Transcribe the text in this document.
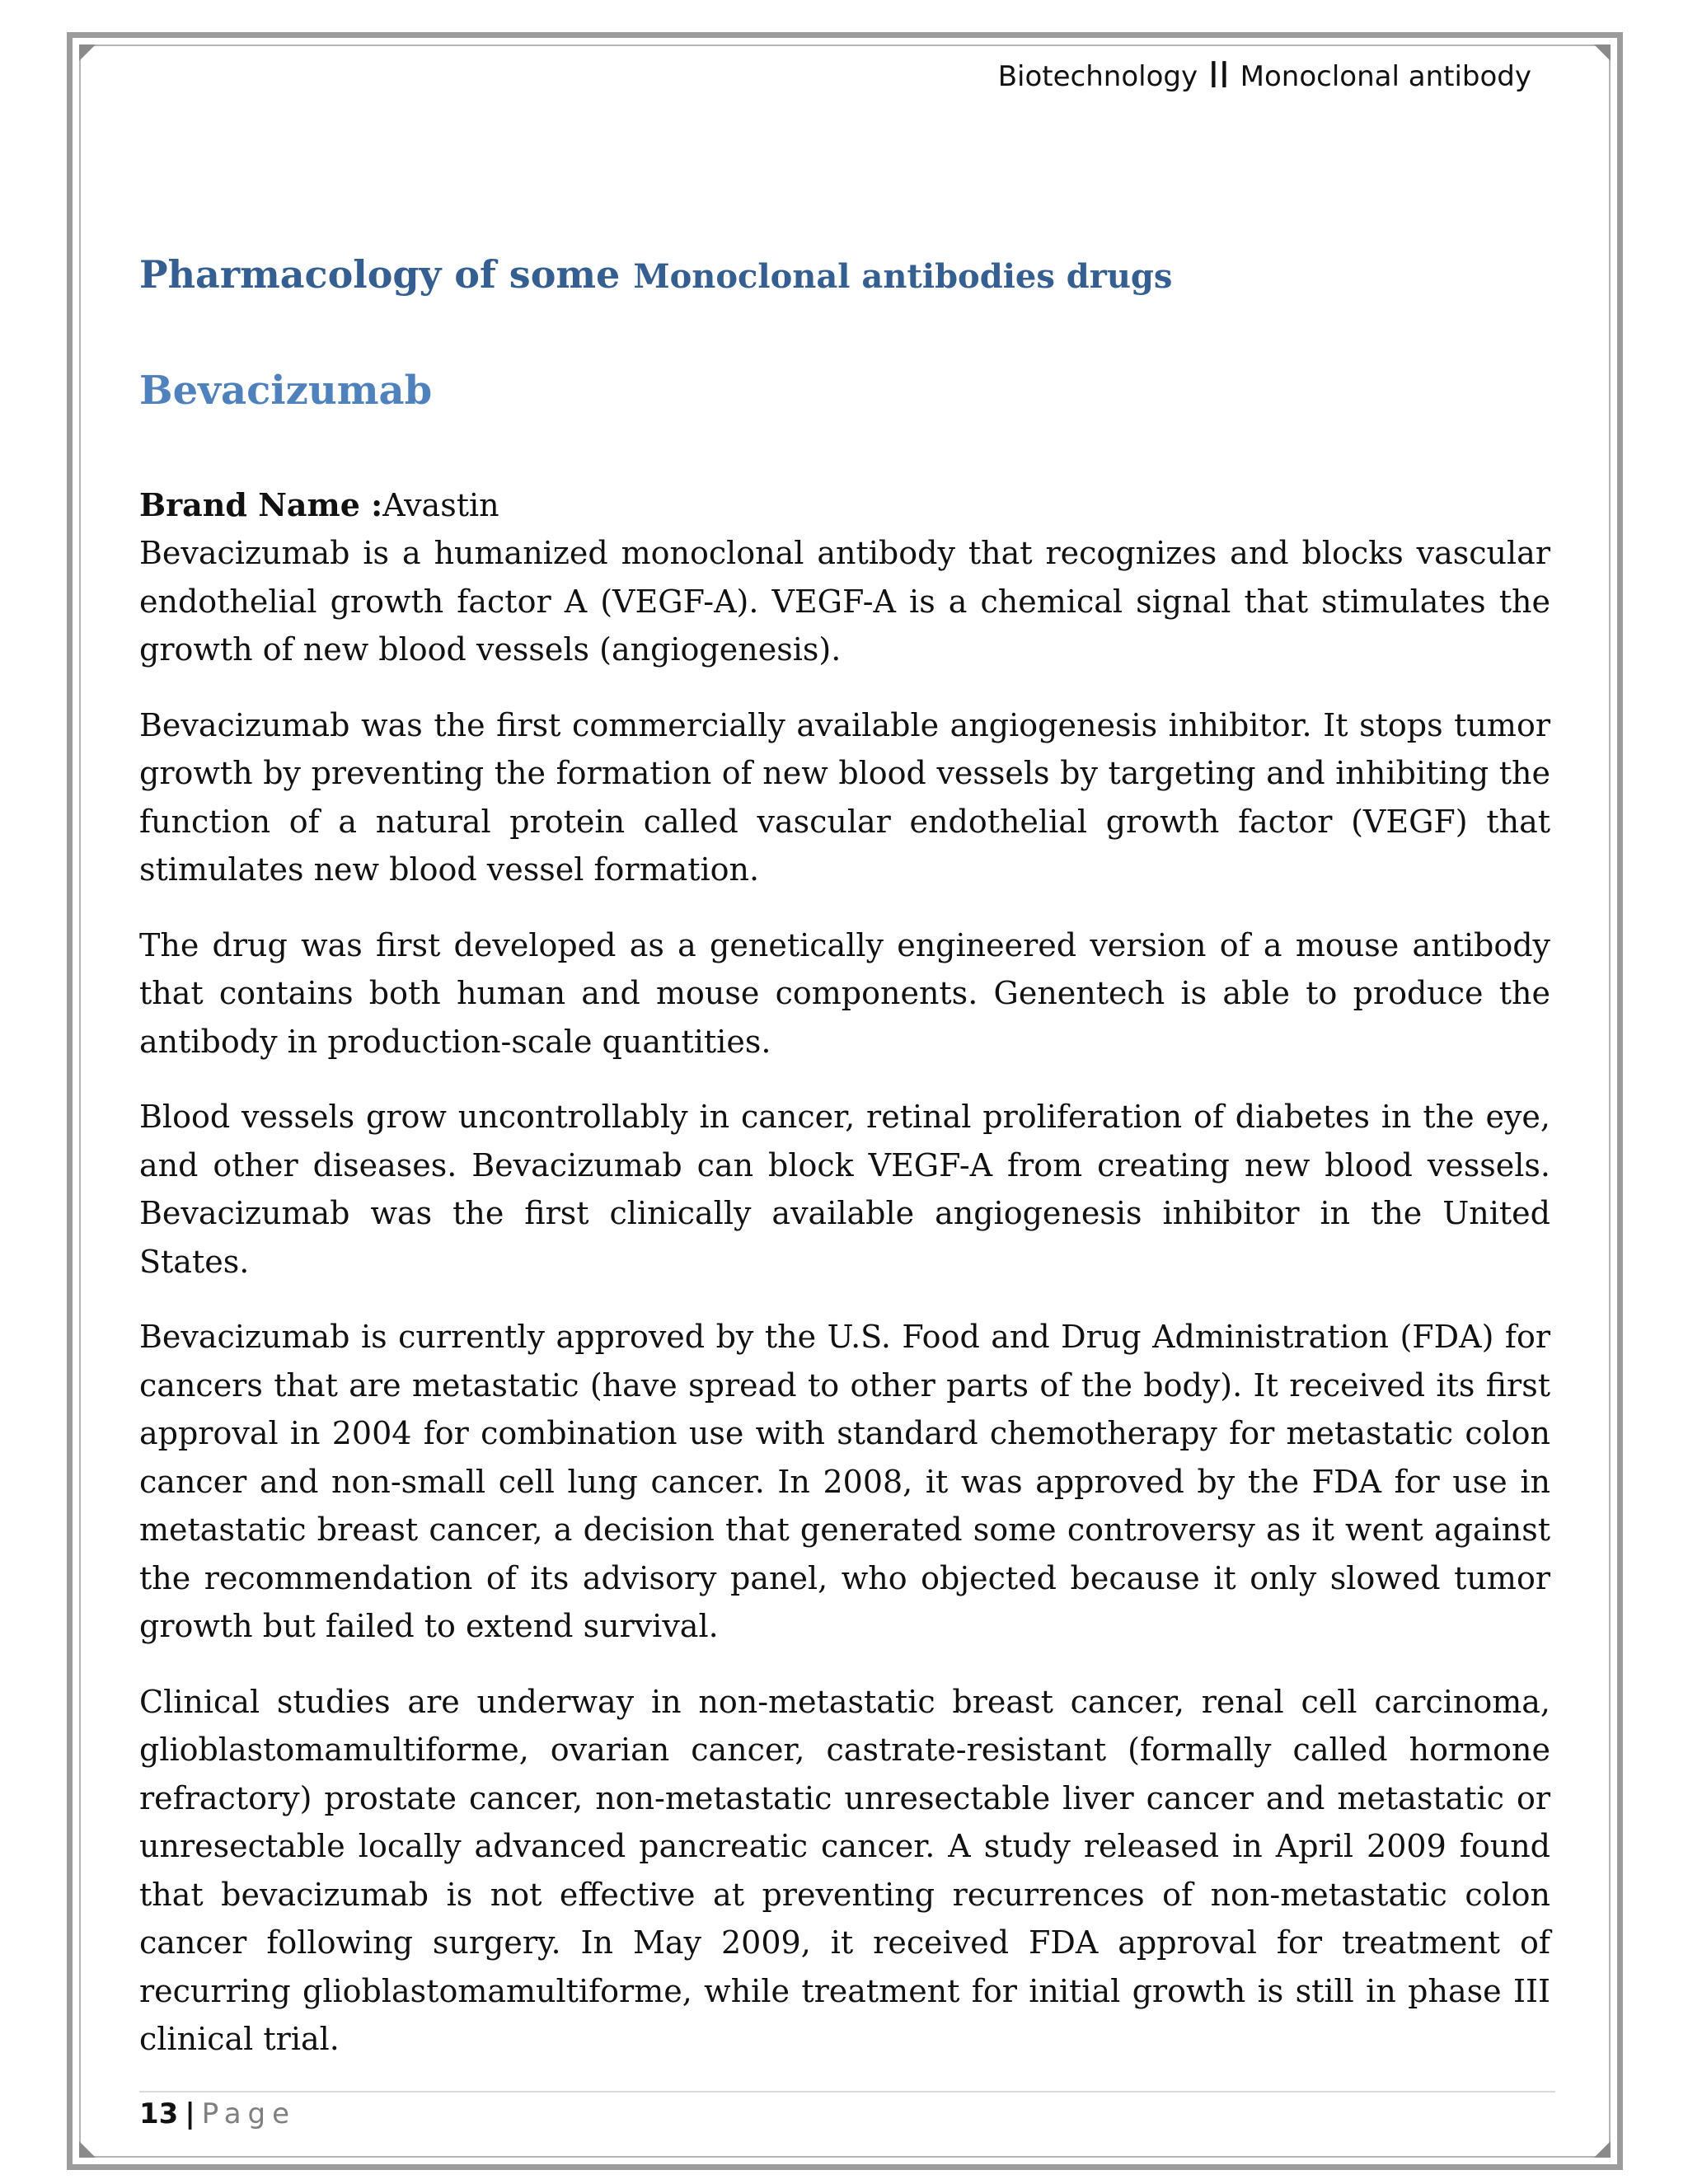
Biotechnology II Monoclonal antibody
Pharmacology of some Monoclonal antibodies drugs
Bevacizumab
Brand Name :Avastin

Bevacizumab is a humanized monoclonal antibody that recognizes and blocks vascular endothelial growth factor A (VEGF-A). VEGF-A is a chemical signal that stimulates the growth of new blood vessels (angiogenesis).

Bevacizumab was the first commercially available angiogenesis inhibitor. It stops tumor growth by preventing the formation of new blood vessels by targeting and inhibiting the function of a natural protein called vascular endothelial growth factor (VEGF) that stimulates new blood vessel formation.

The drug was first developed as a genetically engineered version of a mouse antibody that contains both human and mouse components. Genentech is able to produce the antibody in production-scale quantities.

Blood vessels grow uncontrollably in cancer, retinal proliferation of diabetes in the eye, and other diseases. Bevacizumab can block VEGF-A from creating new blood vessels. Bevacizumab was the first clinically available angiogenesis inhibitor in the United States.

Bevacizumab is currently approved by the U.S. Food and Drug Administration (FDA) for cancers that are metastatic (have spread to other parts of the body). It received its first approval in 2004 for combination use with standard chemotherapy for metastatic colon cancer and non-small cell lung cancer. In 2008, it was approved by the FDA for use in metastatic breast cancer, a decision that generated some controversy as it went against the recommendation of its advisory panel, who objected because it only slowed tumor growth but failed to extend survival.

Clinical studies are underway in non-metastatic breast cancer, renal cell carcinoma, glioblastomamultiforme, ovarian cancer, castrate-resistant (formally called hormone refractory) prostate cancer, non-metastatic unresectable liver cancer and metastatic or unresectable locally advanced pancreatic cancer. A study released in April 2009 found that bevacizumab is not effective at preventing recurrences of non-metastatic colon cancer following surgery. In May 2009, it received FDA approval for treatment of recurring glioblastomamultiforme, while treatment for initial growth is still in phase III clinical trial.

13 | Page
